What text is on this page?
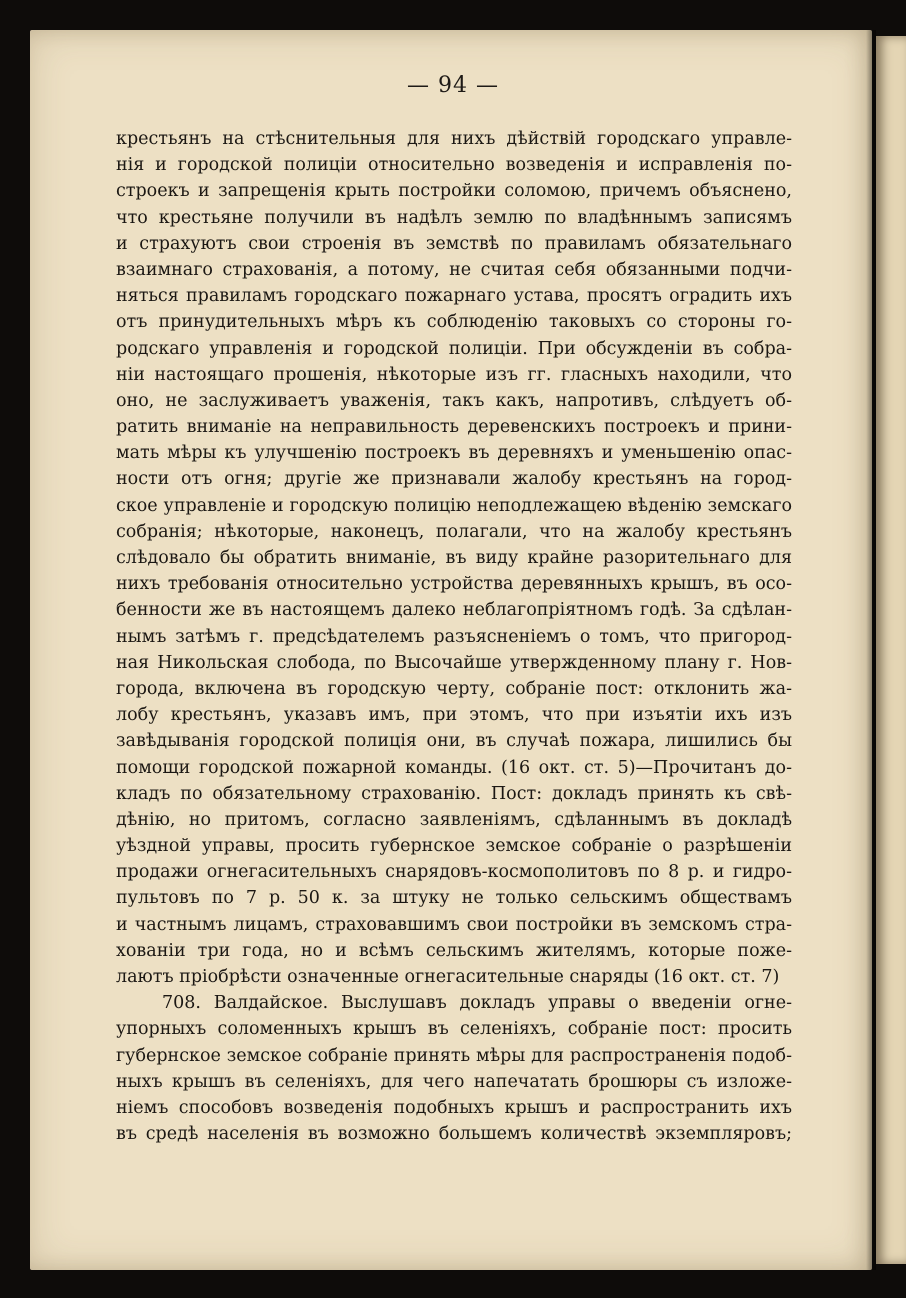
— 94 —
крестьянъ на стѣснительныя для нихъ дѣйствiй городскаго управле-
нiя и городской полицiи относительно возведенiя и исправленiя по-
строекъ и запрещенiя крыть постройки соломою, причемъ объяснено,
что крестьяне получили въ надѣлъ землю по владѣннымъ записямъ
и страхуютъ свои строенiя въ земствѣ по правиламъ обязательнаго
взаимнаго страхованiя, а потому, не считая себя обязанными подчи-
няться правиламъ городскаго пожарнаго устава, просятъ оградить ихъ
отъ принудительныхъ мѣръ къ соблюденiю таковыхъ со стороны го-
родскаго управленiя и городской полицiи. При обсужденiи въ собра-
нiи настоящаго прошенiя, нѣкоторые изъ гг. гласныхъ находили, что
оно, не заслуживаетъ уваженiя, такъ какъ, напротивъ, слѣдуетъ об-
ратить вниманiе на неправильность деревенскихъ построекъ и прини-
мать мѣры къ улучшенiю построекъ въ деревняхъ и уменьшенiю опас-
ности отъ огня; другiе же признавали жалобу крестьянъ на город-
ское управленiе и городскую полицiю неподлежащею вѣденiю земскаго
собранiя; нѣкоторые, наконецъ, полагали, что на жалобу крестьянъ
слѣдовало бы обратить вниманiе, въ виду крайне разорительнаго для
нихъ требованiя относительно устройства деревянныхъ крышъ, въ осо-
бенности же въ настоящемъ далеко неблагопрiятномъ годѣ. За сдѣлан-
нымъ затѣмъ г. предсѣдателемъ разъясненiемъ о томъ, что пригород-
ная Никольская слобода, по Высочайше утвержденному плану г. Нов-
города, включена въ городскую черту, собранiе пост: отклонить жа-
лобу крестьянъ, указавъ имъ, при этомъ, что при изъятiи ихъ изъ
завѣдыванiя городской полицiя они, въ случаѣ пожара, лишились бы
помощи городской пожарной команды. (16 окт. ст. 5)—Прочитанъ до-
кладъ по обязательному страхованiю. Пост: докладъ принять къ свѣ-
дѣнiю, но притомъ, согласно заявленiямъ, сдѣланнымъ въ докладѣ
уѣздной управы, просить губернское земское собранiе о разрѣшенiи
продажи огнегасительныхъ снарядовъ-космополитовъ по 8 р. и гидро-
пультовъ по 7 р. 50 к. за штуку не только сельскимъ обществамъ
и частнымъ лицамъ, страховавшимъ свои постройки въ земскомъ стра-
хованiи три года, но и всѣмъ сельскимъ жителямъ, которые поже-
лаютъ прiобрѣсти означенные огнегасительные снаряды (16 окт. ст. 7)
708. Валдайское. Выслушавъ докладъ управы о введенiи огне-
упорныхъ соломенныхъ крышъ въ селенiяхъ, собранiе пост: просить
губернское земское собранiе принять мѣры для распространенiя подоб-
ныхъ крышъ въ селенiяхъ, для чего напечатать брошюры съ изложе-
нiемъ способовъ возведенiя подобныхъ крышъ и распространить ихъ
въ средѣ населенiя въ возможно большемъ количествѣ экземпляровъ;
